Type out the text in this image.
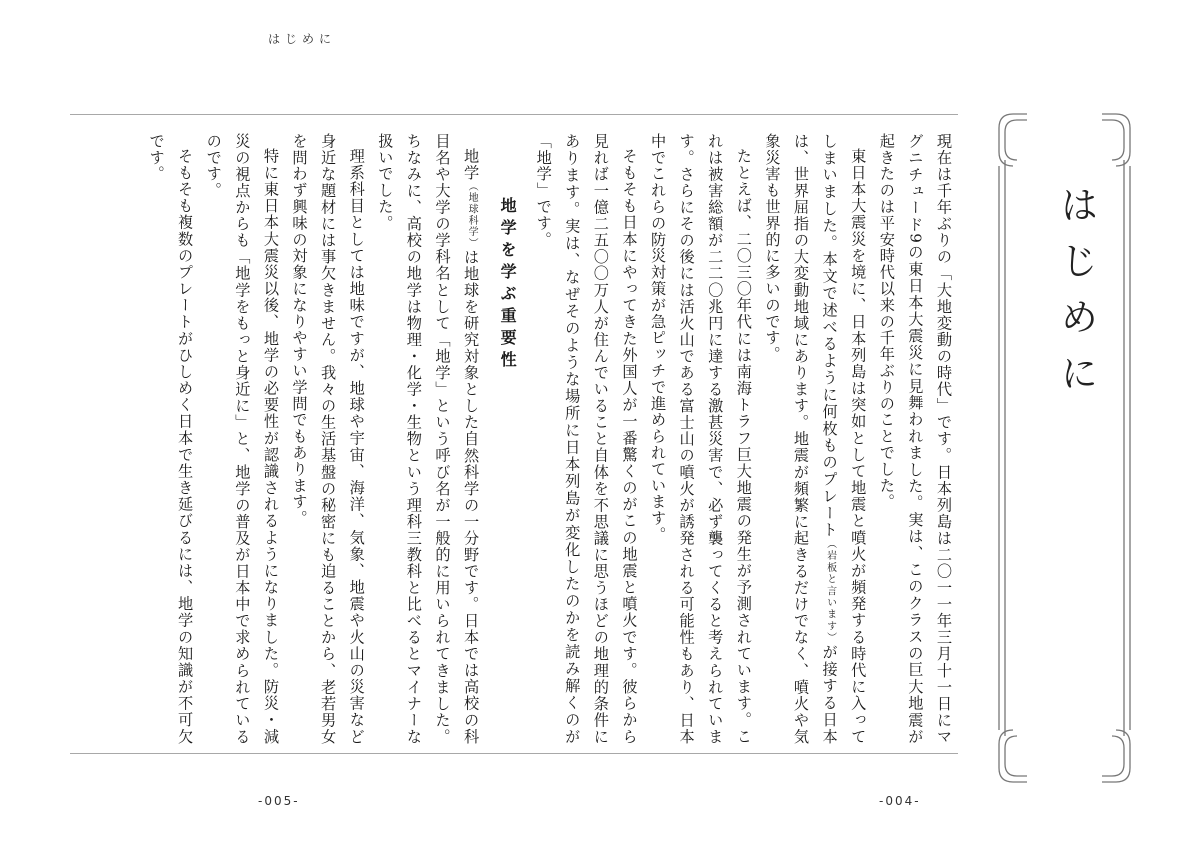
はじめに

現在は千年ぶりの「大地変動の時代」です。日本列島は二〇一一年三月十一日にマグニチュード9の東日本大震災に見舞われました。実は、このクラスの巨大地震が起きたのは平安時代以来の千年ぶりのことでした。

東日本大震災を境に、日本列島は突如として地震と噴火が頻発する時代に入ってしまいました。本文で述べるように何枚ものプレート（岩板と言います）が接する日本は、世界屈指の大変動地域にあります。地震が頻繁に起きるだけでなく、噴火や気象災害も世界的に多いのです。

たとえば、二〇三〇年代には南海トラフ巨大地震の発生が予測されています。これは被害総額が二二〇兆円に達する激甚災害で、必ず襲ってくると考えられています。さらにその後には活火山である富士山の噴火が誘発される可能性もあり、日本中でこれらの防災対策が急ピッチで進められています。

そもそも日本にやってきた外国人が一番驚くのがこの地震と噴火です。彼らから見れば一億二五〇〇万人が住んでいること自体を不思議に思うほどの地理的条件にあります。実は、なぜそのような場所に日本列島が変化したのかを読み解くのが「地学」です。

地学を学ぶ重要性

地学（地球科学）は地球を研究対象とした自然科学の一分野です。日本では高校の科目名や大学の学科名として「地学」という呼び名が一般的に用いられてきました。ちなみに、高校の地学は物理・化学・生物という理科三教科と比べるとマイナーな扱いでした。

理系科目としては地味ですが、地球や宇宙、海洋、気象、地震や火山の災害など身近な題材には事欠きません。我々の生活基盤の秘密にも迫ることから、老若男女を問わず興味の対象になりやすい学問でもあります。

特に東日本大震災以後、地学の必要性が認識されるようになりました。防災・減災の視点からも「地学をもっと身近に」と、地学の普及が日本中で求められているのです。

そもそも複数のプレートがひしめく日本で生き延びるには、地学の知識が不可欠です。

はじめに
-005-	-004-
